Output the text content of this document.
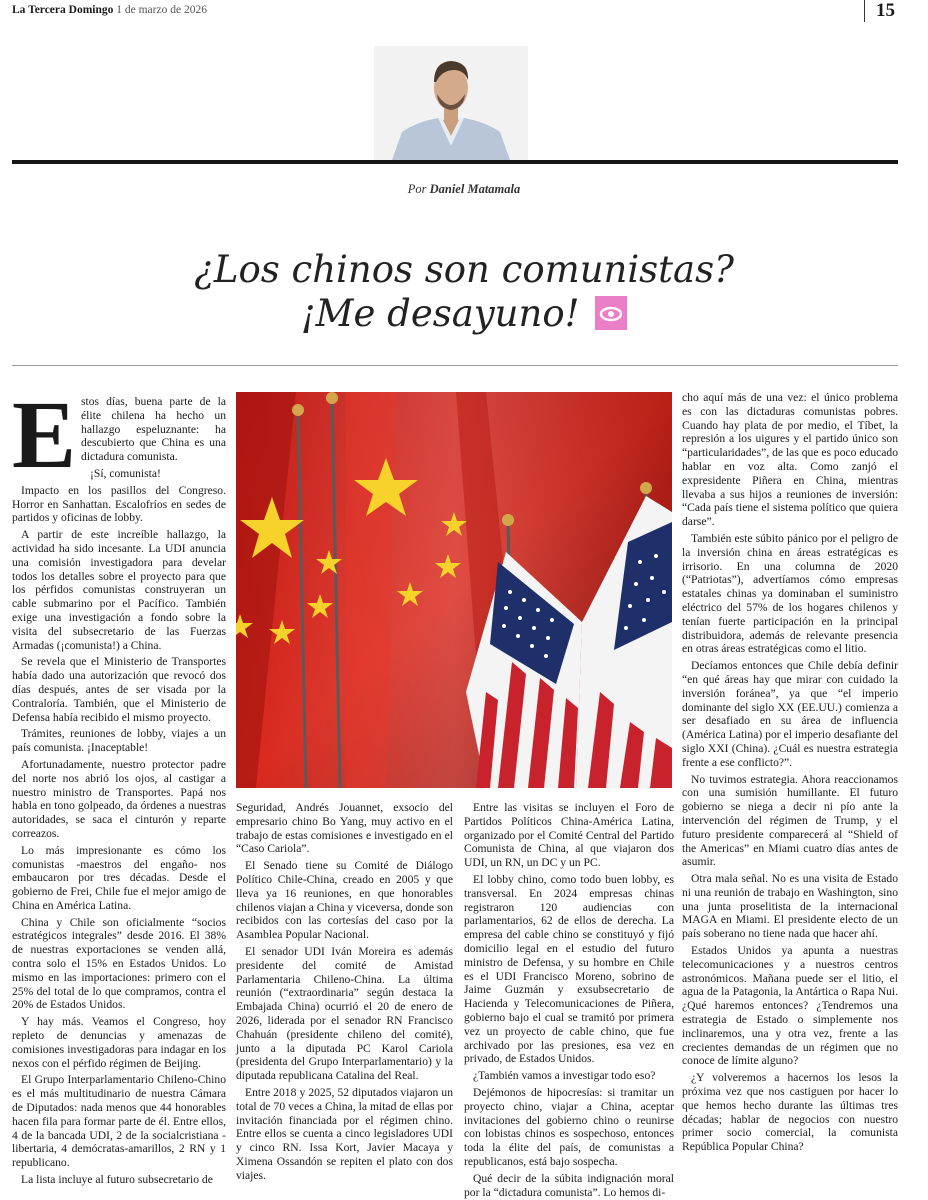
La Tercera Domingo 1 de marzo de 2026	15
Por Daniel Matamala
¿Los chinos son comunistas?
¡Me desayuno!
E stos días, buena parte de la élite chilena ha hecho un hallazgo espeluznante: ha descubierto que China es una dictadura comunista.

¡Sí, comunista!

Impacto en los pasillos del Congreso. Horror en Sanhattan. Escalofríos en sedes de partidos y oficinas de lobby.

A partir de este increíble hallazgo, la actividad ha sido incesante. La UDI anuncia una comisión investigadora para develar todos los detalles sobre el proyecto para que los pérfidos comunistas construyeran un cable submarino por el Pacífico. También exige una investigación a fondo sobre la visita del subsecretario de las Fuerzas Armadas (¡comunista!) a China.

Se revela que el Ministerio de Transportes había dado una autorización que revocó dos días después, antes de ser visada por la Contraloría. También, que el Ministerio de Defensa había recibido el mismo proyecto.

Trámites, reuniones de lobby, viajes a un país comunista. ¡Inaceptable!

Afortunadamente, nuestro protector padre del norte nos abrió los ojos, al castigar a nuestro ministro de Transportes. Papá nos habla en tono golpeado, da órdenes a nuestras autoridades, se saca el cinturón y reparte correazos.

Lo más impresionante es cómo los comunistas -maestros del engaño- nos embaucaron por tres décadas. Desde el gobierno de Frei, Chile fue el mejor amigo de China en América Latina.

China y Chile son oficialmente “socios estratégicos integrales” desde 2016. El 38% de nuestras exportaciones se venden allá, contra solo el 15% en Estados Unidos. Lo mismo en las importaciones: primero con el 25% del total de lo que compramos, contra el 20% de Estados Unidos.

Y hay más. Veamos el Congreso, hoy repleto de denuncias y amenazas de comisiones investigadoras para indagar en los nexos con el pérfido régimen de Beijing.

El Grupo Interparlamentario Chileno-Chino es el más multitudinario de nuestra Cámara de Diputados: nada menos que 44 honorables hacen fila para formar parte de él. Entre ellos, 4 de la bancada UDI, 2 de la socialcristiana -libertaria, 4 demócratas-amarillos, 2 RN y 1 republicano.

La lista incluye al futuro subsecretario de

Seguridad, Andrés Jouannet, exsocio del empresario chino Bo Yang, muy activo en el trabajo de estas comisiones e investigado en el “Caso Cariola”.

El Senado tiene su Comité de Diálogo Político Chile-China, creado en 2005 y que lleva ya 16 reuniones, en que honorables chilenos viajan a China y viceversa, donde son recibidos con las cortesías del caso por la Asamblea Popular Nacional.

El senador UDI Iván Moreira es además presidente del comité de Amistad Parlamentaria Chileno-China. La última reunión (“extraordinaria” según destaca la Embajada China) ocurrió el 20 de enero de 2026, liderada por el senador RN Francisco Chahuán (presidente chileno del comité), junto a la diputada PC Karol Cariola (presidenta del Grupo Interparlamentario) y la diputada republicana Catalina del Real.

Entre 2018 y 2025, 52 diputados viajaron un total de 70 veces a China, la mitad de ellas por invitación financiada por el régimen chino. Entre ellos se cuenta a cinco legisladores UDI y cinco RN. Issa Kort, Javier Macaya y Ximena Ossandón se repiten el plato con dos viajes.

Entre las visitas se incluyen el Foro de Partidos Políticos China-América Latina, organizado por el Comité Central del Partido Comunista de China, al que viajaron dos UDI, un RN, un DC y un PC.

El lobby chino, como todo buen lobby, es transversal. En 2024 empresas chinas registraron 120 audiencias con parlamentarios, 62 de ellos de derecha. La empresa del cable chino se constituyó y fijó domicilio legal en el estudio del futuro ministro de Defensa, y su hombre en Chile es el UDI Francisco Moreno, sobrino de Jaime Guzmán y exsubsecretario de Hacienda y Telecomunicaciones de Piñera, gobierno bajo el cual se tramitó por primera vez un proyecto de cable chino, que fue archivado por las presiones, esa vez en privado, de Estados Unidos.

¿También vamos a investigar todo eso?

Dejémonos de hipocresías: si tramitar un proyecto chino, viajar a China, aceptar invitaciones del gobierno chino o reunirse con lobistas chinos es sospechoso, entonces toda la élite del país, de comunistas a republicanos, está bajo sospecha.

Qué decir de la súbita indignación moral por la “dictadura comunista”. Lo hemos di-

cho aquí más de una vez: el único problema es con las dictaduras comunistas pobres. Cuando hay plata de por medio, el Tíbet, la represión a los uigures y el partido único son “particularidades”, de las que es poco educado hablar en voz alta. Como zanjó el expresidente Piñera en China, mientras llevaba a sus hijos a reuniones de inversión: “Cada país tiene el sistema político que quiera darse”.

También este súbito pánico por el peligro de la inversión china en áreas estratégicas es irrisorio. En una columna de 2020 (“Patriotas”), advertíamos cómo empresas estatales chinas ya dominaban el suministro eléctrico del 57% de los hogares chilenos y tenían fuerte participación en la principal distribuidora, además de relevante presencia en otras áreas estratégicas como el litio.

Decíamos entonces que Chile debía definir “en qué áreas hay que mirar con cuidado la inversión foránea”, ya que “el imperio dominante del siglo XX (EE.UU.) comienza a ser desafiado en su área de influencia (América Latina) por el imperio desafiante del siglo XXI (China). ¿Cuál es nuestra estrategia frente a ese conflicto?”.

No tuvimos estrategia. Ahora reaccionamos con una sumisión humillante. El futuro gobierno se niega a decir ni pío ante la intervención del régimen de Trump, y el futuro presidente comparecerá al “Shield of the Americas” en Miami cuatro días antes de asumir.

Otra mala señal. No es una visita de Estado ni una reunión de trabajo en Washington, sino una junta proselitista de la internacional MAGA en Miami. El presidente electo de un país soberano no tiene nada que hacer ahí.

Estados Unidos ya apunta a nuestras telecomunicaciones y a nuestros centros astronómicos. Mañana puede ser el litio, el agua de la Patagonia, la Antártica o Rapa Nui. ¿Qué haremos entonces? ¿Tendremos una estrategia de Estado o simplemente nos inclinaremos, una y otra vez, frente a las crecientes demandas de un régimen que no conoce de límite alguno?

¿Y volveremos a hacernos los lesos la próxima vez que nos castiguen por hacer lo que hemos hecho durante las últimas tres décadas; hablar de negocios con nuestro primer socio comercial, la comunista República Popular China?
